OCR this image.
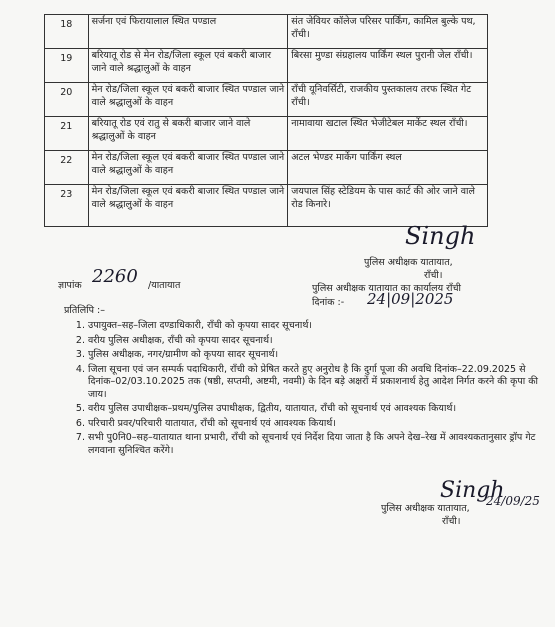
18	सर्जना एवं फिरायालाल स्थित पण्डाल	संत जेवियर कॉलेज परिसर पार्किंग, कामिल बुल्के पथ, राँची।
19	बरियातू रोड से मेन रोड/जिला स्कूल एवं बकरी बाजार जाने वाले श्रद्धालुओं के वाहन	बिरसा मुण्डा संग्रहालय पार्किंग स्थल पुरानी जेल राँची।
20	मेन रोड/जिला स्कूल एवं बकरी बाजार स्थित पण्डाल जाने वाले श्रद्धालुओं के वाहन	राँची यूनिवर्सिटी, राजकीय पुस्तकालय तरफ स्थित गेट राँची।
21	बरियातू रोड एवं रातु से बकरी बाजार जाने वाले श्रद्धालुओं के वाहन	नामावाया खटाल स्थित भेजीटेबल मार्केट स्थल राँची।
22	मेन रोड/जिला स्कूल एवं बकरी बाजार स्थित पण्डाल जाने वाले श्रद्धालुओं के वाहन	अटल भेण्डर मार्केग पार्किंग स्थल
23	मेन रोड/जिला स्कूल एवं बकरी बाजार स्थित पण्डाल जाने वाले श्रद्धालुओं के वाहन	जयपाल सिंह स्टेडियम के पास कार्ट की ओर जाने वाले रोड किनारे।
Singh
पुलिस अधीक्षक यातायात,
राँची।
ज्ञापांक 2260 /यातायात	पुलिस अधीक्षक यातायात का कार्यालय राँची
दिनांक :- 24|09|2025
प्रतिलिपि :–
1. उपायुक्त–सह–जिला दण्डाधिकारी, राँची को कृपया सादर सूचनार्थ।
2. वरीय पुलिस अधीक्षक, राँची को कृपया सादर सूचनार्थ।
3. पुलिस अधीक्षक, नगर/ग्रामीण को कृपया सादर सूचनार्थ।
4. जिला सूचना एवं जन सम्पर्क पदाधिकारी, राँची को प्रेषित करते हुए अनुरोध है कि दुर्गा पूजा की अवधि दिनांक–22.09.2025 से दिनांक–02/03.10.2025 तक (षष्ठी, सप्तमी, अष्टमी, नवमी) के दिन बड़े अक्षरों में प्रकाशनार्थ हेतु आदेश निर्गत करने की कृपा की जाय।
5. वरीय पुलिस उपाधीक्षक–प्रथम/पुलिस उपाधीक्षक, द्वितीय, यातायात, राँची को सूचनार्थ एवं आवश्यक कियार्थ।
6. परिचारी प्रवर/परिचारी यातायात, राँची को सूचनार्थ एवं आवश्यक कियार्थ।
7. सभी पु0नि0–सह–यातायात थाना प्रभारी, राँची को सूचनार्थ एवं निर्देश दिया जाता है कि अपने देख–रेख में आवश्यकतानुसार ड्रॉप गेट लगवाना सुनिश्चित करेंगे।
Singh
24/09/25
पुलिस अधीक्षक यातायात,
राँची।
